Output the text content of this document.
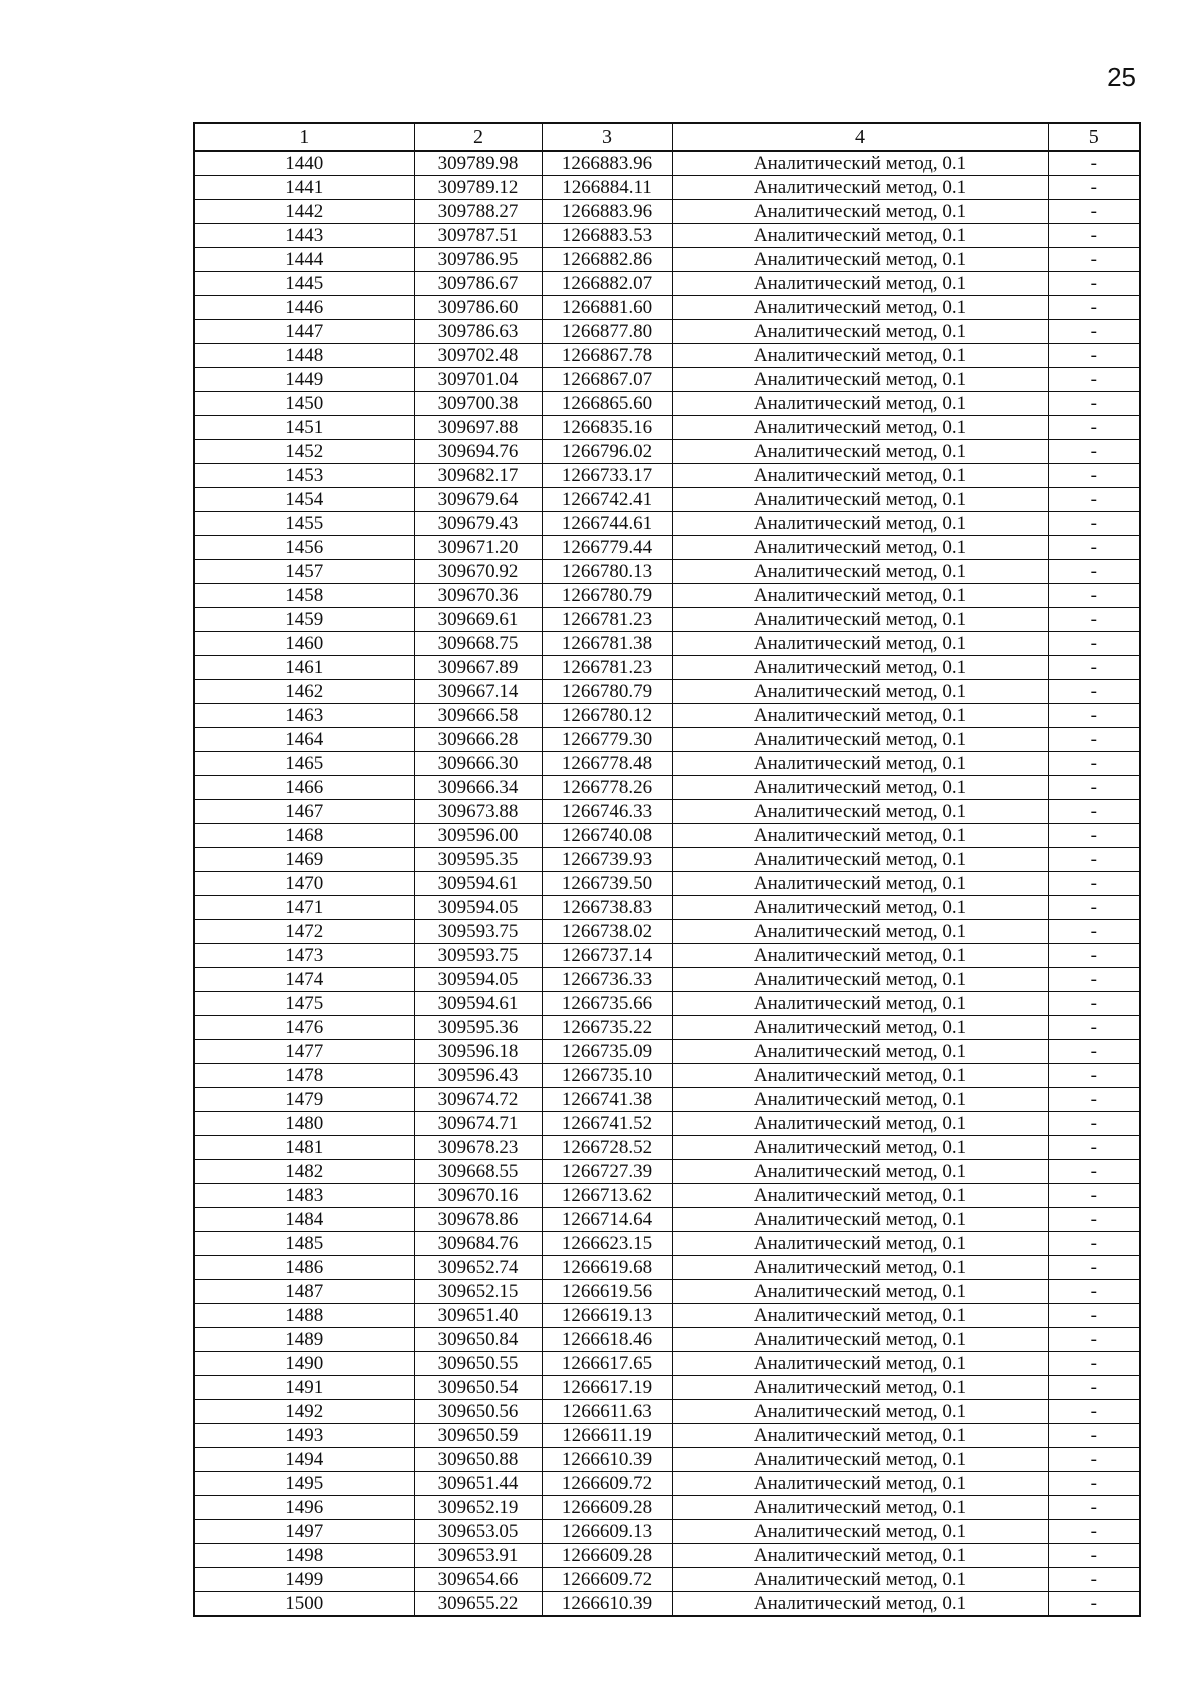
25
1	2	3	4	5
1440	309789.98	1266883.96	Аналитический метод, 0.1	-
1441	309789.12	1266884.11	Аналитический метод, 0.1	-
1442	309788.27	1266883.96	Аналитический метод, 0.1	-
1443	309787.51	1266883.53	Аналитический метод, 0.1	-
1444	309786.95	1266882.86	Аналитический метод, 0.1	-
1445	309786.67	1266882.07	Аналитический метод, 0.1	-
1446	309786.60	1266881.60	Аналитический метод, 0.1	-
1447	309786.63	1266877.80	Аналитический метод, 0.1	-
1448	309702.48	1266867.78	Аналитический метод, 0.1	-
1449	309701.04	1266867.07	Аналитический метод, 0.1	-
1450	309700.38	1266865.60	Аналитический метод, 0.1	-
1451	309697.88	1266835.16	Аналитический метод, 0.1	-
1452	309694.76	1266796.02	Аналитический метод, 0.1	-
1453	309682.17	1266733.17	Аналитический метод, 0.1	-
1454	309679.64	1266742.41	Аналитический метод, 0.1	-
1455	309679.43	1266744.61	Аналитический метод, 0.1	-
1456	309671.20	1266779.44	Аналитический метод, 0.1	-
1457	309670.92	1266780.13	Аналитический метод, 0.1	-
1458	309670.36	1266780.79	Аналитический метод, 0.1	-
1459	309669.61	1266781.23	Аналитический метод, 0.1	-
1460	309668.75	1266781.38	Аналитический метод, 0.1	-
1461	309667.89	1266781.23	Аналитический метод, 0.1	-
1462	309667.14	1266780.79	Аналитический метод, 0.1	-
1463	309666.58	1266780.12	Аналитический метод, 0.1	-
1464	309666.28	1266779.30	Аналитический метод, 0.1	-
1465	309666.30	1266778.48	Аналитический метод, 0.1	-
1466	309666.34	1266778.26	Аналитический метод, 0.1	-
1467	309673.88	1266746.33	Аналитический метод, 0.1	-
1468	309596.00	1266740.08	Аналитический метод, 0.1	-
1469	309595.35	1266739.93	Аналитический метод, 0.1	-
1470	309594.61	1266739.50	Аналитический метод, 0.1	-
1471	309594.05	1266738.83	Аналитический метод, 0.1	-
1472	309593.75	1266738.02	Аналитический метод, 0.1	-
1473	309593.75	1266737.14	Аналитический метод, 0.1	-
1474	309594.05	1266736.33	Аналитический метод, 0.1	-
1475	309594.61	1266735.66	Аналитический метод, 0.1	-
1476	309595.36	1266735.22	Аналитический метод, 0.1	-
1477	309596.18	1266735.09	Аналитический метод, 0.1	-
1478	309596.43	1266735.10	Аналитический метод, 0.1	-
1479	309674.72	1266741.38	Аналитический метод, 0.1	-
1480	309674.71	1266741.52	Аналитический метод, 0.1	-
1481	309678.23	1266728.52	Аналитический метод, 0.1	-
1482	309668.55	1266727.39	Аналитический метод, 0.1	-
1483	309670.16	1266713.62	Аналитический метод, 0.1	-
1484	309678.86	1266714.64	Аналитический метод, 0.1	-
1485	309684.76	1266623.15	Аналитический метод, 0.1	-
1486	309652.74	1266619.68	Аналитический метод, 0.1	-
1487	309652.15	1266619.56	Аналитический метод, 0.1	-
1488	309651.40	1266619.13	Аналитический метод, 0.1	-
1489	309650.84	1266618.46	Аналитический метод, 0.1	-
1490	309650.55	1266617.65	Аналитический метод, 0.1	-
1491	309650.54	1266617.19	Аналитический метод, 0.1	-
1492	309650.56	1266611.63	Аналитический метод, 0.1	-
1493	309650.59	1266611.19	Аналитический метод, 0.1	-
1494	309650.88	1266610.39	Аналитический метод, 0.1	-
1495	309651.44	1266609.72	Аналитический метод, 0.1	-
1496	309652.19	1266609.28	Аналитический метод, 0.1	-
1497	309653.05	1266609.13	Аналитический метод, 0.1	-
1498	309653.91	1266609.28	Аналитический метод, 0.1	-
1499	309654.66	1266609.72	Аналитический метод, 0.1	-
1500	309655.22	1266610.39	Аналитический метод, 0.1	-
